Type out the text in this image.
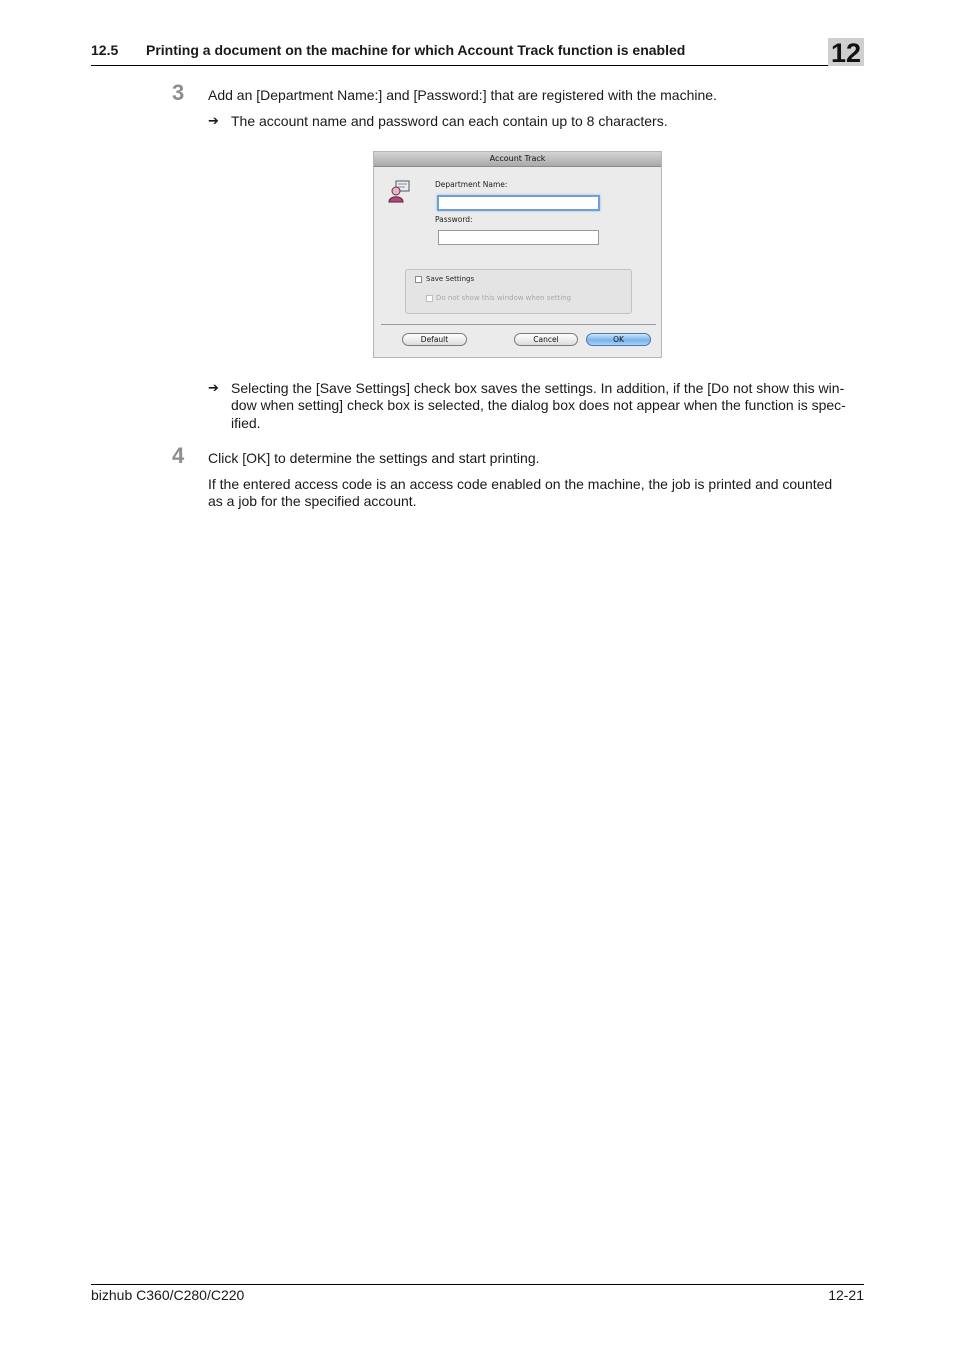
12.5 Printing a document on the machine for which Account Track function is enabled	12
3 Add an [Department Name:] and [Password:] that are registered with the machine.
➔ The account name and password can each contain up to 8 characters.
Account Track
Department Name:
Password:
Save Settings
Do not show this window when setting
Default	Cancel	OK
➔ Selecting the [Save Settings] check box saves the settings. In addition, if the [Do not show this win-
dow when setting] check box is selected, the dialog box does not appear when the function is spec-
ified.
4 Click [OK] to determine the settings and start printing.
If the entered access code is an access code enabled on the machine, the job is printed and counted
as a job for the specified account.
bizhub C360/C280/C220	12-21
